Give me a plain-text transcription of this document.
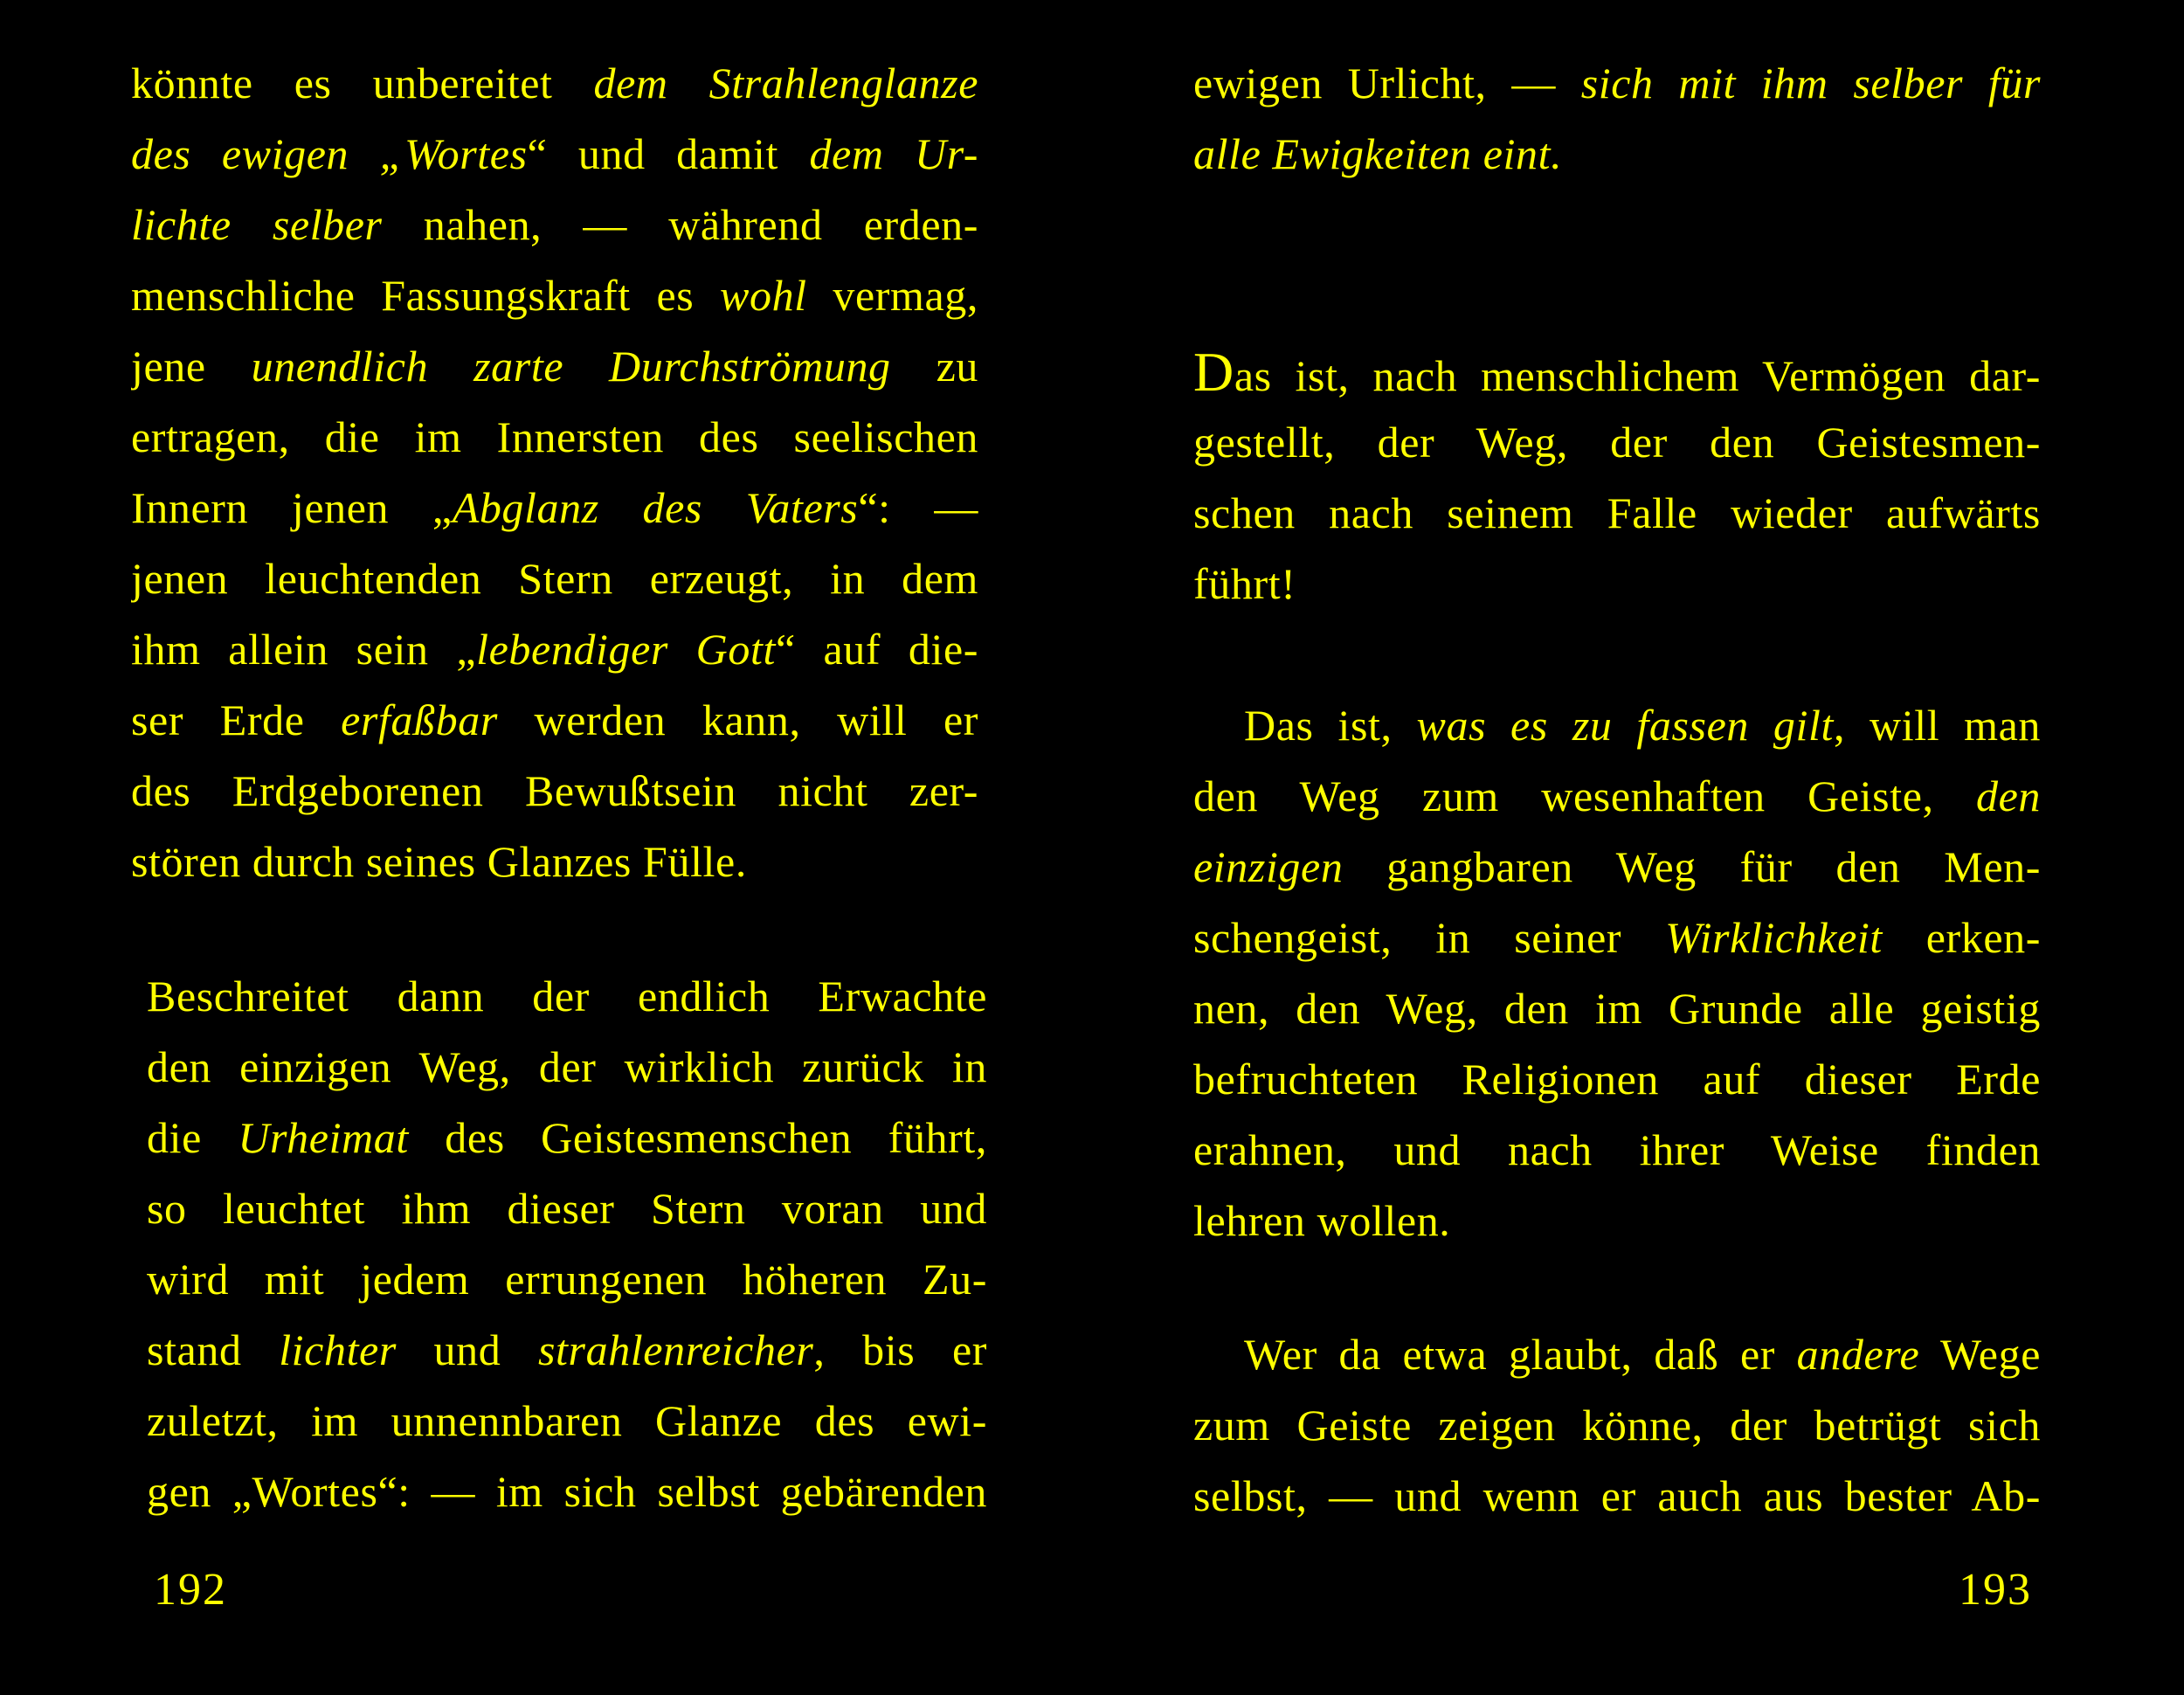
könnte es unbereitet dem Strahlenglanze
des ewigen „Wortes“ und damit dem Ur-
lichte selber nahen, — während erden-
menschliche Fassungskraft es wohl vermag,
jene unendlich zarte Durchströmung zu
ertragen, die im Innersten des seelischen
Innern jenen „Abglanz des Vaters“: —
jenen leuchtenden Stern erzeugt, in dem
ihm allein sein „lebendiger Gott“ auf die-
ser Erde erfaßbar werden kann, will er
des Erdgeborenen Bewußtsein nicht zer-
stören durch seines Glanzes Fülle.
Beschreitet dann der endlich Erwachte
den einzigen Weg, der wirklich zurück in
die Urheimat des Geistesmenschen führt,
so leuchtet ihm dieser Stern voran und
wird mit jedem errungenen höheren Zu-
stand lichter und strahlenreicher, bis er
zuletzt, im unnennbaren Glanze des ewi-
gen „Wortes“: — im sich selbst gebärenden
192
ewigen Urlicht, — sich mit ihm selber für
alle Ewigkeiten eint.
Das ist, nach menschlichem Vermögen dar-
gestellt, der Weg, der den Geistesmen-
schen nach seinem Falle wieder aufwärts
führt!
Das ist, was es zu fassen gilt, will man
den Weg zum wesenhaften Geiste, den
einzigen gangbaren Weg für den Men-
schengeist, in seiner Wirklichkeit erken-
nen, den Weg, den im Grunde alle geistig
befruchteten Religionen auf dieser Erde
erahnen, und nach ihrer Weise finden
lehren wollen.
Wer da etwa glaubt, daß er andere Wege
zum Geiste zeigen könne, der betrügt sich
selbst, — und wenn er auch aus bester Ab-
193
